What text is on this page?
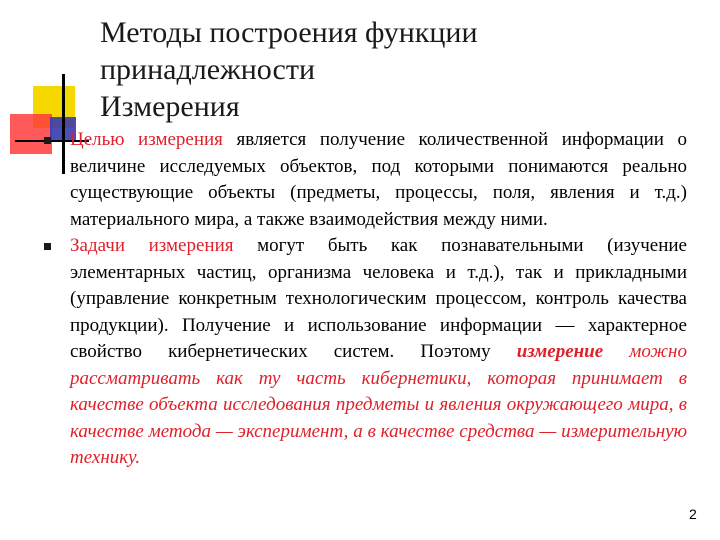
Методы построения функции
принадлежности
Измерения

Целью измерения является получение количественной информации о величине исследуемых объектов, под которыми понимаются реально существующие объекты (предметы, процессы, поля, явления и т.д.) материального мира, а также взаимодействия между ними.

Задачи измерения могут быть как познавательными (изучение элементарных частиц, организма человека и т.д.), так и прикладными (управление конкретным технологическим процессом, контроль качества продукции). Получение и использование информации — характерное свойство кибернетических систем. Поэтому измерение можно рассматривать как ту часть кибернетики, которая принимает в качестве объекта исследования предметы и явления окружающего мира, в качестве метода — эксперимент, а в качестве средства — измерительную технику.

2
